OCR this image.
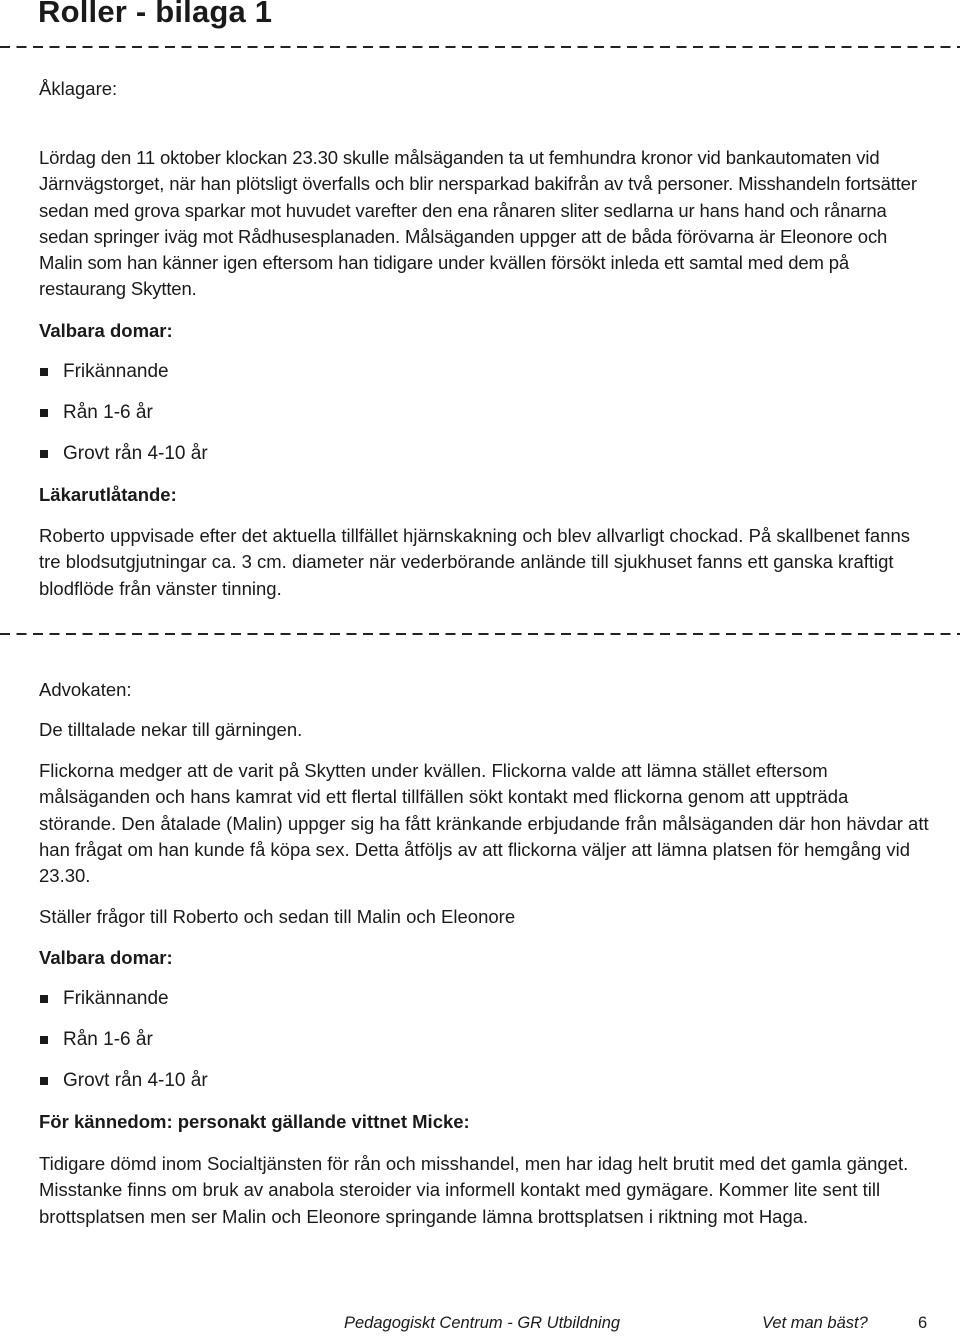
Roller - bilaga 1

Åklagare:

Lördag den 11 oktober klockan 23.30 skulle målsäganden ta ut femhundra kronor vid bankautomaten vid Järnvägstorget, när han plötsligt överfalls och blir nersparkad bakifrån av två personer. Misshandeln fortsätter sedan med grova sparkar mot huvudet varefter den ena rånaren sliter sedlarna ur hans hand och rånarna sedan springer iväg mot Rådhusesplanaden. Målsäganden uppger att de båda förövarna är Eleonore och Malin som han känner igen eftersom han tidigare under kvällen försökt inleda ett samtal med dem på restaurang Skytten.

Valbara domar:

Frikännande
Rån 1-6 år
Grovt rån 4-10 år

Läkarutlåtande:

Roberto uppvisade efter det aktuella tillfället hjärnskakning och blev allvarligt chockad. På skallbenet fanns tre blodsutgjutningar ca. 3 cm. diameter när vederbörande anlände till sjukhuset fanns ett ganska kraftigt blodflöde från vänster tinning.

Advokaten:

De tilltalade nekar till gärningen.

Flickorna medger att de varit på Skytten under kvällen. Flickorna valde att lämna stället eftersom målsäganden och hans kamrat vid ett flertal tillfällen sökt kontakt med flickorna genom att uppträda störande. Den åtalade (Malin) uppger sig ha fått kränkande erbjudande från målsäganden där hon hävdar att han frågat om han kunde få köpa sex. Detta åtföljs av att flickorna väljer att lämna platsen för hemgång vid 23.30.

Ställer frågor till Roberto och sedan till Malin och Eleonore

Valbara domar:

Frikännande
Rån 1-6 år
Grovt rån 4-10 år

För kännedom: personakt gällande vittnet Micke:

Tidigare dömd inom Socialtjänsten för rån och misshandel, men har idag helt brutit med det gamla gänget. Misstanke finns om bruk av anabola steroider via informell kontakt med gymägare. Kommer lite sent till brottsplatsen men ser Malin och Eleonore springande lämna brottsplatsen i riktning mot Haga.

Pedagogiskt Centrum - GR Utbildning	Vet man bäst?	6
